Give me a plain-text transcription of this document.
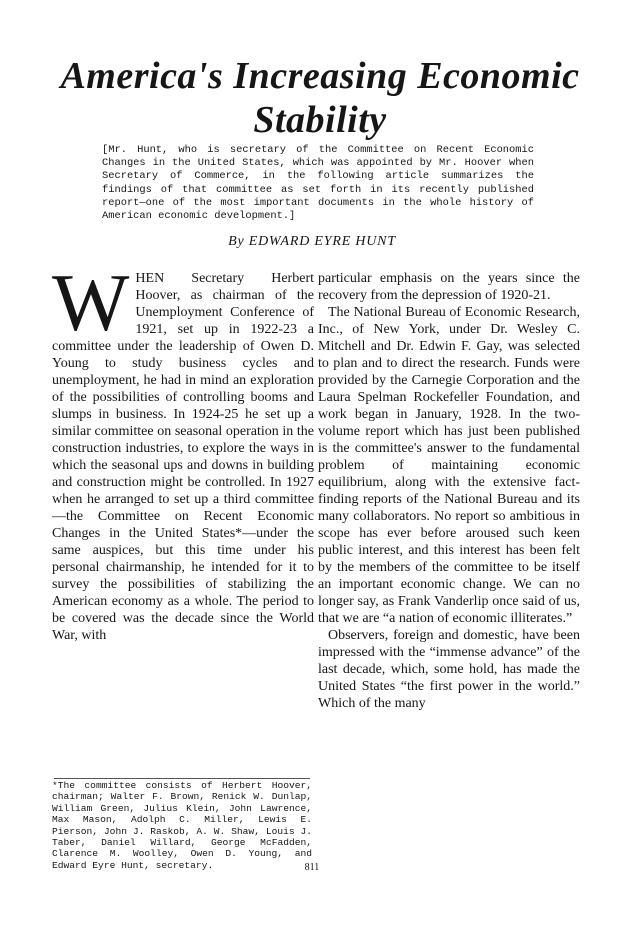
America's Increasing Economic Stability
[Mr. Hunt, who is secretary of the Committee on Recent Economic Changes in the United States, which was appointed by Mr. Hoover when Secretary of Commerce, in the following article summarizes the findings of that committee as set forth in its recently published report—one of the most important documents in the whole history of American economic development.]
By EDWARD EYRE HUNT

W HEN Secretary Herbert Hoover, as chairman of the Unemployment Conference of 1921, set up in 1922-23 a committee under the leadership of Owen D. Young to study business cycles and unemployment, he had in mind an exploration of the possibilities of controlling booms and slumps in business. In 1924-25 he set up a similar committee on seasonal operation in the construction industries, to explore the ways in which the seasonal ups and downs in building and construction might be controlled. In 1927 when he arranged to set up a third committee—the Committee on Recent Economic Changes in the United States*—under the same auspices, but this time under his personal chairmanship, he intended for it to survey the possibilities of stabilizing the American economy as a whole. The period to be covered was the decade since the World War, with

particular emphasis on the years since the recovery from the depression of 1920-21.

The National Bureau of Economic Research, Inc., of New York, under Dr. Wesley C. Mitchell and Dr. Edwin F. Gay, was selected to plan and to direct the research. Funds were provided by the Carnegie Corporation and the Laura Spelman Rockefeller Foundation, and work began in January, 1928. In the two-volume report which has just been published is the committee's answer to the fundamental problem of maintaining economic equilibrium, along with the extensive fact-finding reports of the National Bureau and its many collaborators. No report so ambitious in scope has ever before aroused such keen public interest, and this interest has been felt by the members of the committee to be itself an important economic change. We can no longer say, as Frank Vanderlip once said of us, that we are “a nation of economic illiterates.”

Observers, foreign and domestic, have been impressed with the “immense advance” of the last decade, which, some hold, has made the United States “the first power in the world.” Which of the many

*The committee consists of Herbert Hoover, chairman; Walter F. Brown, Renick W. Dunlap, William Green, Julius Klein, John Lawrence, Max Mason, Adolph C. Miller, Lewis E. Pierson, John J. Raskob, A. W. Shaw, Louis J. Taber, Daniel Willard, George McFadden, Clarence M. Woolley, Owen D. Young, and Edward Eyre Hunt, secretary.	811
